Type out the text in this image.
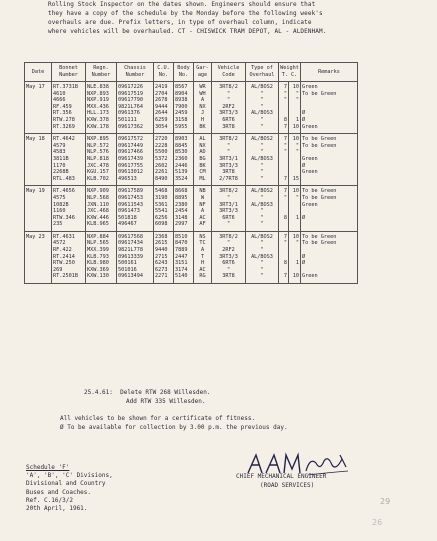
Rolling Stock Inspector on the dates shown. Engineers should ensure that
they have a copy of the schedule by the Monday before the following week's
overhauls are due. Prefix letters, in type of overhaul column, indicate
where vehicles will be overhauled. CT - CHISWICK TRAM DEPOT, AL - ALDENHAM.
Date	Bonnet Number	Regn. Number	Chassis Number	C.U. No.	Body No.	Gar- age	Vehicle Code	Type of Overhaul	Weight T. C.		Remarks
May 17	RT.3731B	NLE.838	09617226	2419	8567	WR	3RT8/2	AL/BOS2	7	10	Green
	4610	NXP.893	09617519	2704	8904	WH	"	"	"	"	To be Green
	4666	NXP.919	09617790	2678	8938	A	"	"	"	"	
	RF.459	MXX.436	9821L764	9444	7900	NX	2RF2	"			
	RT.356	HLL.173	0961376	2644	2459	J	3RT3/3	AL/BOS3			Ø
	RTW.278	KXW.378	501111	6259	3158	H	6RT6	"	8	1	Ø
	RT.3269	KXW.178	09617362	3054	5955	BK	3RT8	"	7	10	Green
May 18	RT.4642	NXP.895	09617572	2720	8903	AL	3RT8/2	AL/BOS2	7	10	To be Green
	4579	NLP.572	09617449	2228	8845	NX	"	"	"	"	To be Green
	4583	NLP.576	09617466	5500	8530	AD	"	"	"	"	
	3811B	NLP.818	09617439	5372	2360	BG	3RT3/1	AL/BOS3			Green
	1170	JXC.478	09617755	2602	2446	BK	3RT3/3	"			Ø
	2268B	KGU.157	09613012	2261	5139	CM	3RT8	"			Green
	RTL.483	KLB.702	496513	8490	3524	ML	2/7RT8	"	7	15	
May 19	RT.4656	NXP.909	09617589	5468	8668	NB	3RT8/2	AL/BOS2	7	10	To be Green
	4575	NLP.568	09617453	3190	8895	W	"	"	"	"	To be Green
	1082B	JXN.110	09611543	5361	2380	NF	3RT3/1	AL/BOS3			Green
	1160	JXC.468	0961473	5541	2454	A	3RT3/3	"			
	RTW.346	KXW.446	501818	6256	3148	AC	6RT6	"	8	1	Ø
	235	KLB.965	496467	6098	2997	AF	"	"			
May 23	RT.4631	NXP.884	09617568	2368	8510	NS	3RT8/2	AL/BOS2	7	10	To be Green
	4572	NLP.565	09617434	2615	8470	TC	"	"	"	"	To be Green
	RF.422	MXX.399	9821L778	9440	7889	A	2RF2	"			
	RT.2414	KLB.793	09613339	2715	2447	T	3RT3/3	AL/BOS3			Ø
	RTW.250	KLB.980	500161	6243	3151	H	6RT6	"	8	1	Ø
	269	KXW.369	501016	6273	3174	AC	"	"			
	RT.2501B	KXW.130	09613494	2271	5140	RG	3RT8	"	7	10	Green
25.4.61: Delete RTW 268 Willesden.
Add RTW 335 Willesden.
All vehicles to be shown for a certificate of fitness.
Ø To be available for collection by 3.00 p.m. the previous day.
CHIEF MECHANICAL ENGINEER
(ROAD SERVICES)
Schedule 'F'
'A', 'B', 'C' Divisions,
Divisional and Country
Buses and Coaches.
Ref. C.16/3/2
20th April, 1961.
29
26
